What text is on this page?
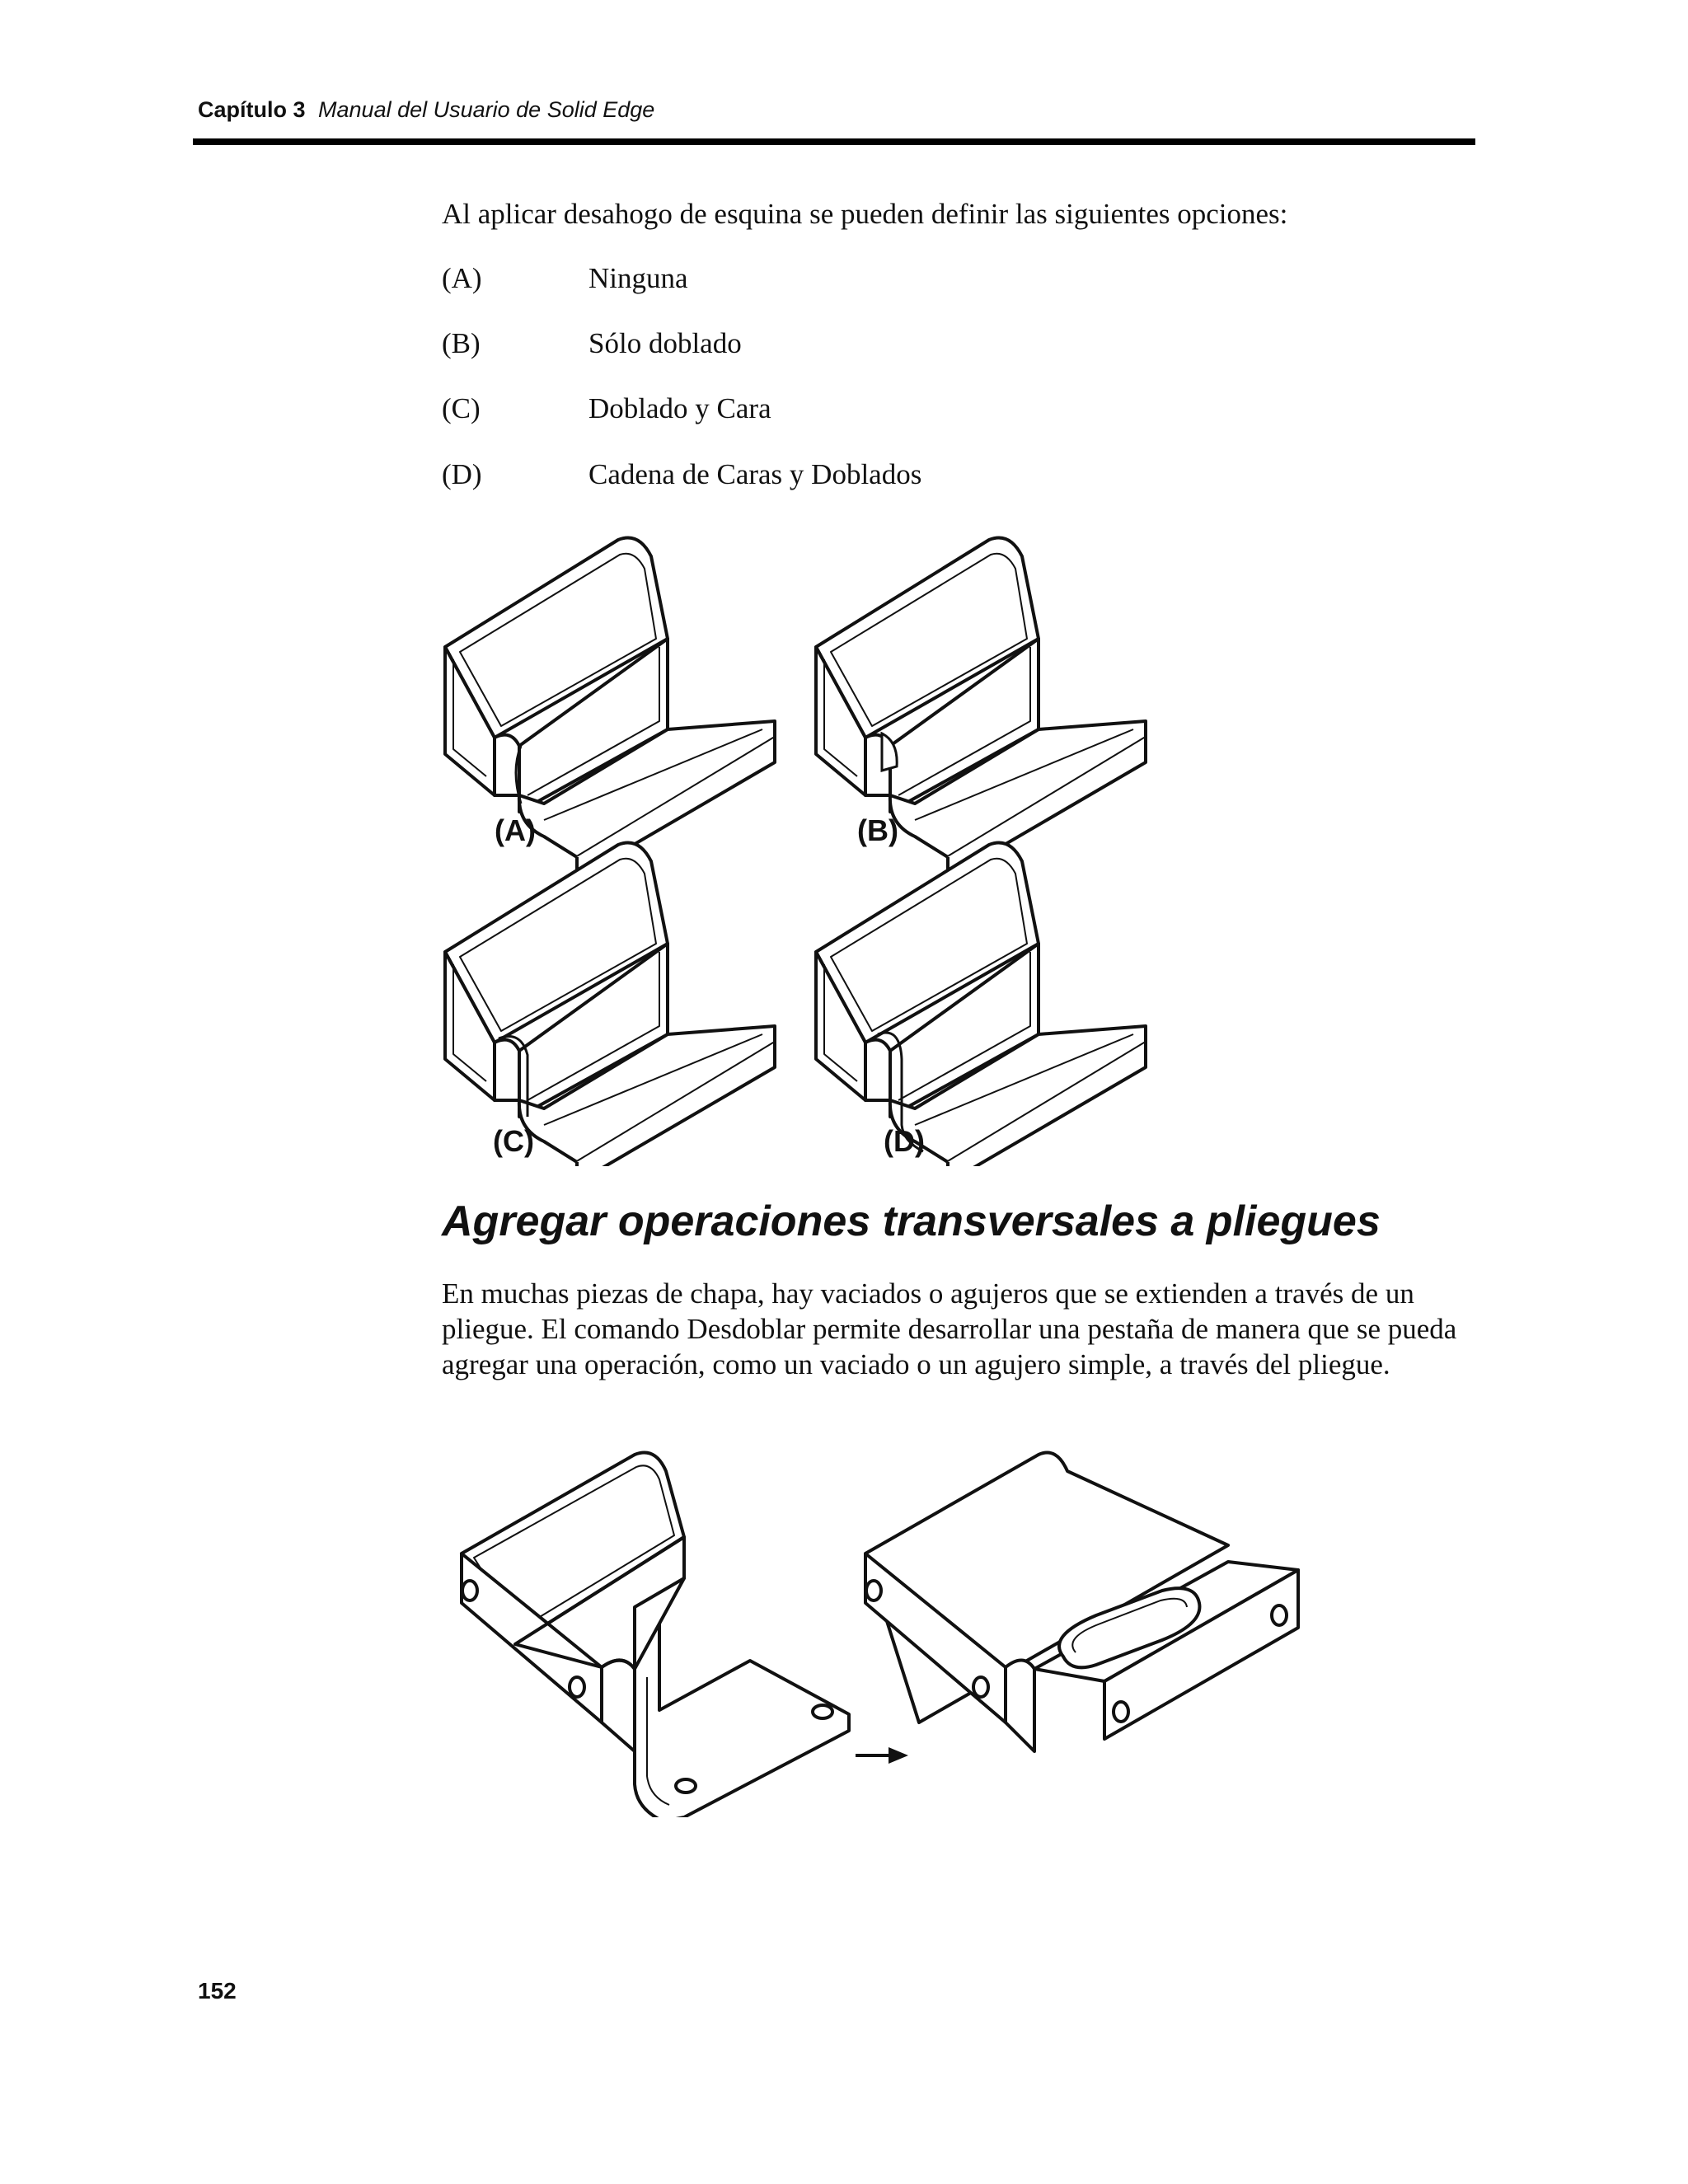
Capítulo 3 Manual del Usuario de Solid Edge
Al aplicar desahogo de esquina se pueden definir las siguientes opciones:
(A)	Ninguna
(B)	Sólo doblado
(C)	Doblado y Cara
(D)	Cadena de Caras y Doblados
(A)	(B)
(C)	(D)
Agregar operaciones transversales a pliegues
En muchas piezas de chapa, hay vaciados o agujeros que se extienden a través de un pliegue. El comando Desdoblar permite desarrollar una pestaña de manera que se pueda agregar una operación, como un vaciado o un agujero simple, a través del pliegue.
152
